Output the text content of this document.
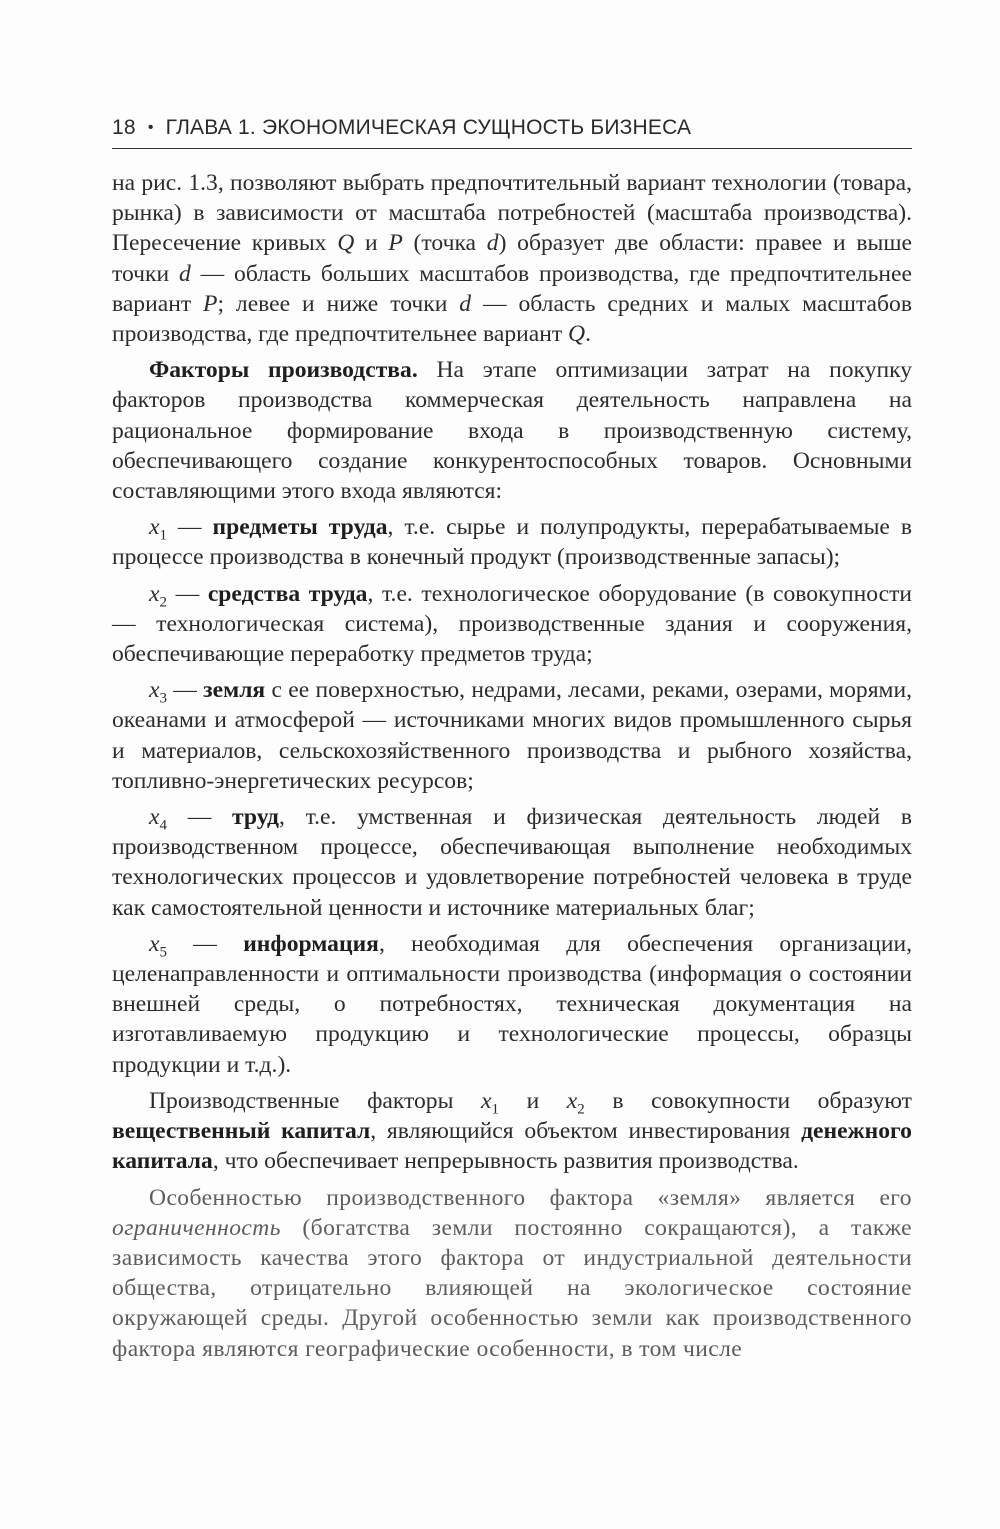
18 • ГЛАВА 1. ЭКОНОМИЧЕСКАЯ СУЩНОСТЬ БИЗНЕСА

на рис. 1.3, позволяют выбрать предпочтительный вариант технологии (товара, рынка) в зависимости от масштаба потребностей (масштаба производства). Пересечение кривых Q и P (точка d) образует две области: правее и выше точки d — область больших масштабов производства, где предпочтительнее вариант P; левее и ниже точки d — область средних и малых масштабов производства, где предпочтительнее вариант Q.

Факторы производства. На этапе оптимизации затрат на покупку факторов производства коммерческая деятельность направлена на рациональное формирование входа в производственную систему, обеспечивающего создание конкурентоспособных товаров. Основными составляющими этого входа являются:

$x_1$ — предметы труда, т.е. сырье и полупродукты, перерабатываемые в процессе производства в конечный продукт (производственные запасы);

$x_2$ — средства труда, т.е. технологическое оборудование (в совокупности — технологическая система), производственные здания и сооружения, обеспечивающие переработку предметов труда;

$x_3$ — земля с ее поверхностью, недрами, лесами, реками, озерами, морями, океанами и атмосферой — источниками многих видов промышленного сырья и материалов, сельскохозяйственного производства и рыбного хозяйства, топливно-энергетических ресурсов;

$x_4$ — труд, т.е. умственная и физическая деятельность людей в производственном процессе, обеспечивающая выполнение необходимых технологических процессов и удовлетворение потребностей человека в труде как самостоятельной ценности и источнике материальных благ;

$x_5$ — информация, необходимая для обеспечения организации, целенаправленности и оптимальности производства (информация о состоянии внешней среды, о потребностях, техническая документация на изготавливаемую продукцию и технологические процессы, образцы продукции и т.д.).

Производственные факторы $x_1$ и $x_2$ в совокупности образуют вещественный капитал, являющийся объектом инвестирования денежного капитала, что обеспечивает непрерывность развития производства.

Особенностью производственного фактора «земля» является его ограниченность (богатства земли постоянно сокращаются), а также зависимость качества этого фактора от индустриальной деятельности общества, отрицательно влияющей на экологическое состояние окружающей среды. Другой особенностью земли как производственного фактора являются географические особенности, в том числе
